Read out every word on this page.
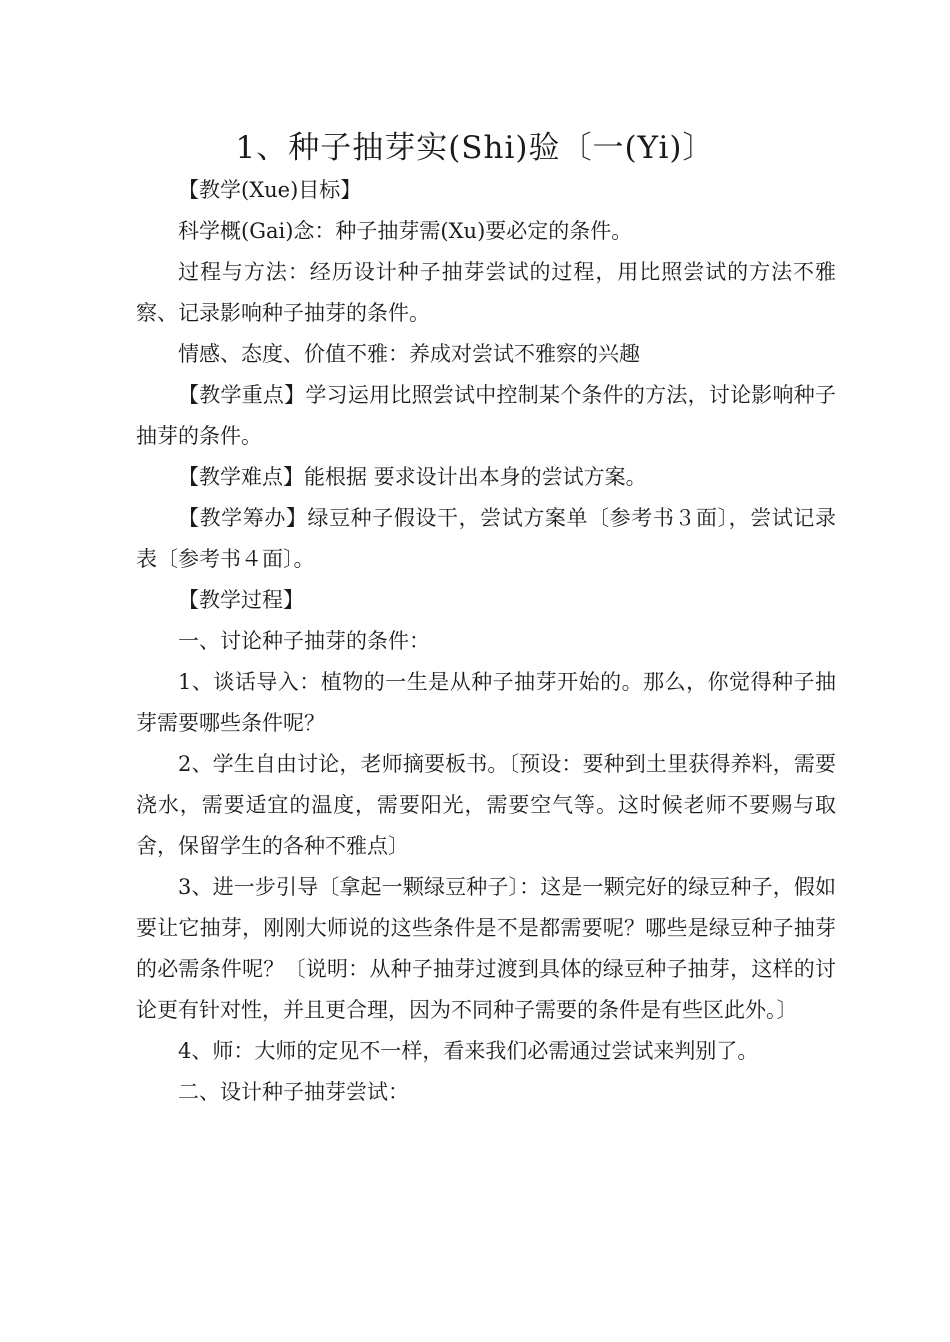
1、种子抽芽实(Shi)验〔一(Yi)〕

【教学(Xue)目标】

科学概(Gai)念：种子抽芽需(Xu)要必定的条件。

过程与方法：经历设计种子抽芽尝试的过程，用比照尝试的方法不雅察、记录影响种子抽芽的条件。

情感、态度、价值不雅：养成对尝试不雅察的兴趣

【教学重点】学习运用比照尝试中控制某个条件的方法，讨论影响种子抽芽的条件。

【教学难点】能根据 要求设计出本身的尝试方案。

【教学筹办】绿豆种子假设干，尝试方案单〔参考书３面〕，尝试记录表〔参考书４面〕。

【教学过程】

一、讨论种子抽芽的条件：

1、谈话导入：植物的一生是从种子抽芽开始的。那么，你觉得种子抽芽需要哪些条件呢？

2、学生自由讨论，老师摘要板书。〔预设：要种到土里获得养料，需要浇水，需要适宜的温度，需要阳光，需要空气等。这时候老师不要赐与取舍，保留学生的各种不雅点〕

3、进一步引导〔拿起一颗绿豆种子〕：这是一颗完好的绿豆种子，假如要让它抽芽，刚刚大师说的这些条件是不是都需要呢？哪些是绿豆种子抽芽的必需条件呢？〔说明：从种子抽芽过渡到具体的绿豆种子抽芽，这样的讨论更有针对性，并且更合理，因为不同种子需要的条件是有些区此外。〕

4、师：大师的定见不一样，看来我们必需通过尝试来判别了。

二、设计种子抽芽尝试：
